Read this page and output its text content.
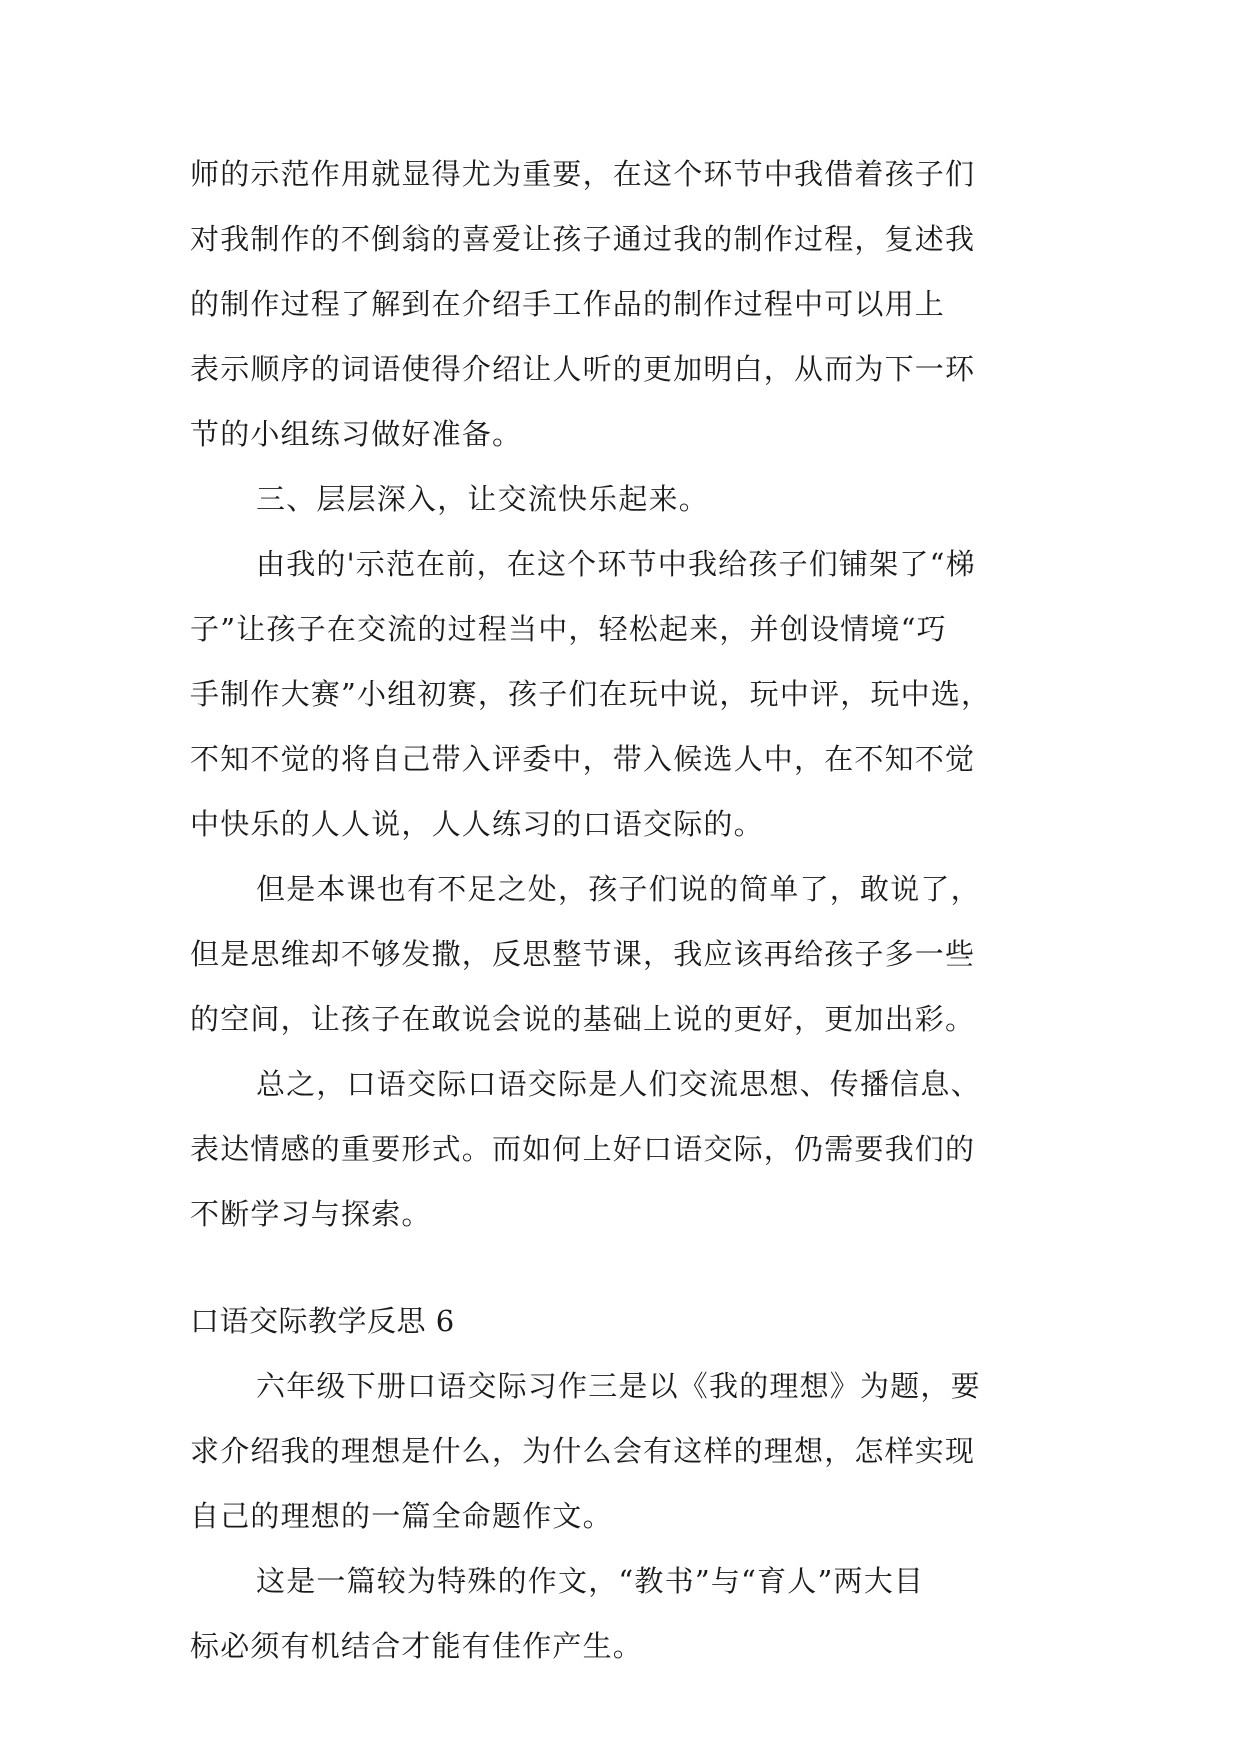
师的示范作用就显得尤为重要，在这个环节中我借着孩子们

对我制作的不倒翁的喜爱让孩子通过我的制作过程，复述我

的制作过程了解到在介绍手工作品的制作过程中可以用上

表示顺序的词语使得介绍让人听的更加明白，从而为下一环

节的小组练习做好准备。

三、层层深入，让交流快乐起来。

由我的'示范在前，在这个环节中我给孩子们铺架了“梯

子”让孩子在交流的过程当中，轻松起来，并创设情境“巧

手制作大赛”小组初赛，孩子们在玩中说，玩中评，玩中选，

不知不觉的将自己带入评委中，带入候选人中，在不知不觉

中快乐的人人说，人人练习的口语交际的。

但是本课也有不足之处，孩子们说的简单了，敢说了，

但是思维却不够发撒，反思整节课，我应该再给孩子多一些

的空间，让孩子在敢说会说的基础上说的更好，更加出彩。

总之，口语交际口语交际是人们交流思想、传播信息、

表达情感的重要形式。而如何上好口语交际，仍需要我们的

不断学习与探索。

口语交际教学反思 6

六年级下册口语交际习作三是以《我的理想》为题，要

求介绍我的理想是什么，为什么会有这样的理想，怎样实现

自己的理想的一篇全命题作文。

这是一篇较为特殊的作文，“教书”与“育人”两大目

标必须有机结合才能有佳作产生。
